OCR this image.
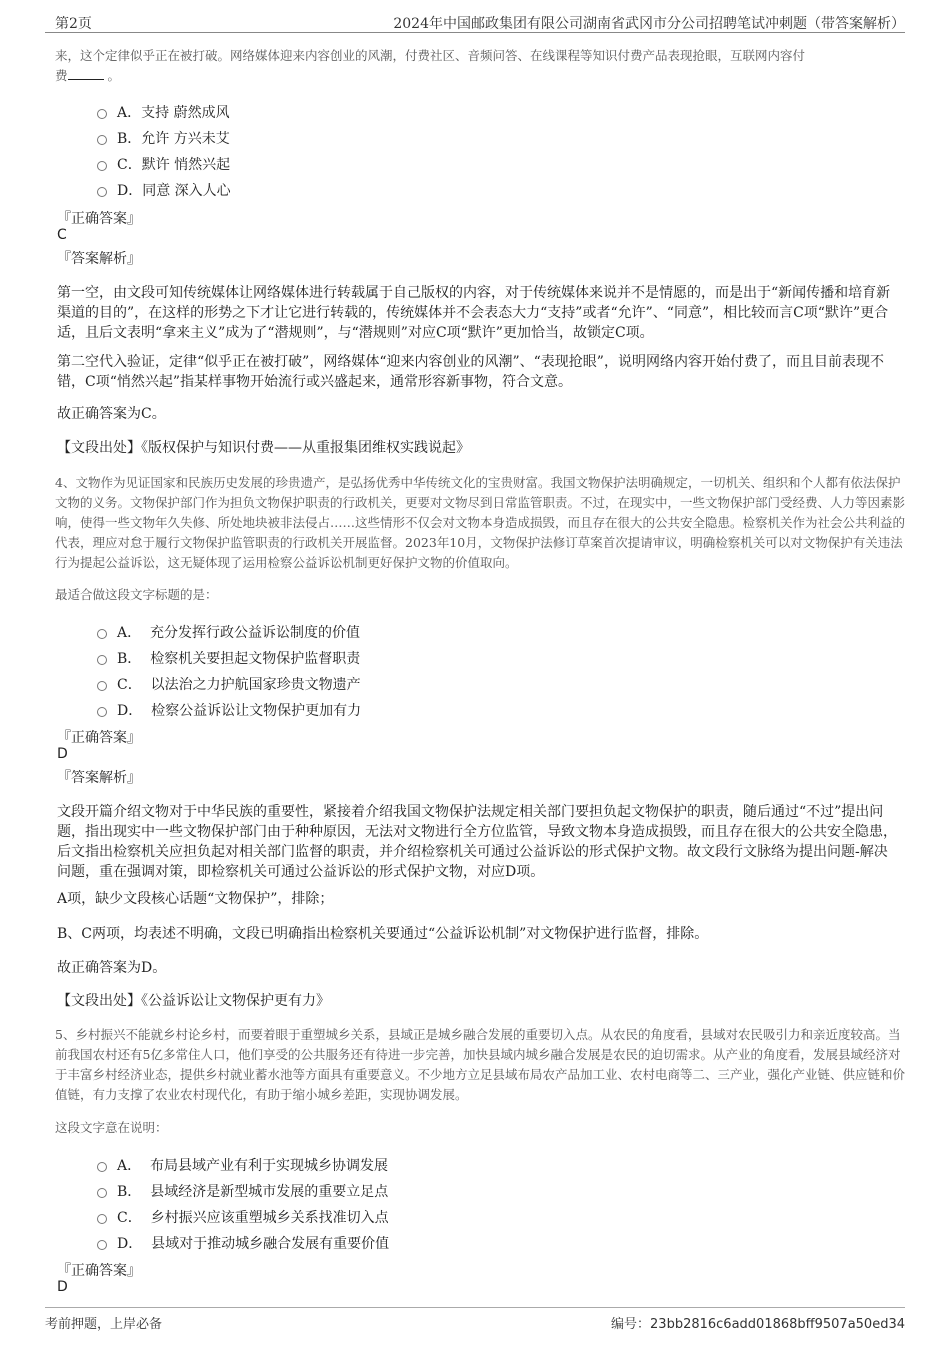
第2页	2024年中国邮政集团有限公司湖南省武冈市分公司招聘笔试冲刺题（带答案解析）
来，这个定律似乎正在被打破。网络媒体迎来内容创业的风潮，付费社区、音频问答、在线课程等知识付费产品表现抢眼，互联网内容付
费	。
A． 支持 蔚然成风
B． 允许 方兴未艾
C． 默许 悄然兴起
D． 同意 深入人心
『正确答案』
C
『答案解析』
第一空，由文段可知传统媒体让网络媒体进行转载属于自己版权的内容，对于传统媒体来说并不是情愿的，而是出于“新闻传播和培育新渠道的目的”，在这样的形势之下才让它进行转载的，传统媒体并不会表态大力“支持”或者“允许”、“同意”，相比较而言C项“默许”更合适，且后文表明“拿来主义”成为了“潜规则”，与“潜规则”对应C项“默许”更加恰当，故锁定C项。
第二空代入验证，定律“似乎正在被打破”，网络媒体“迎来内容创业的风潮”、“表现抢眼”，说明网络内容开始付费了，而且目前表现不错，C项“悄然兴起”指某样事物开始流行或兴盛起来，通常形容新事物，符合文意。
故正确答案为C。
【文段出处】《版权保护与知识付费——从重报集团维权实践说起》
4、文物作为见证国家和民族历史发展的珍贵遗产，是弘扬优秀中华传统文化的宝贵财富。我国文物保护法明确规定，一切机关、组织和个人都有依法保护文物的义务。文物保护部门作为担负文物保护职责的行政机关，更要对文物尽到日常监管职责。不过，在现实中，一些文物保护部门受经费、人力等因素影响，使得一些文物年久失修、所处地块被非法侵占……这些情形不仅会对文物本身造成损毁，而且存在很大的公共安全隐患。检察机关作为社会公共利益的代表，理应对怠于履行文物保护监管职责的行政机关开展监督。2023年10月，文物保护法修订草案首次提请审议，明确检察机关可以对文物保护有关违法行为提起公益诉讼，这无疑体现了运用检察公益诉讼机制更好保护文物的价值取向。
最适合做这段文字标题的是：
A．
充分发挥行政公益诉讼制度的价值
B．
检察机关要担起文物保护监督职责
C．
以法治之力护航国家珍贵文物遗产
D．
检察公益诉讼让文物保护更加有力
『正确答案』
D
『答案解析』
文段开篇介绍文物对于中华民族的重要性，紧接着介绍我国文物保护法规定相关部门要担负起文物保护的职责，随后通过“不过”提出问题，指出现实中一些文物保护部门由于种种原因，无法对文物进行全方位监管，导致文物本身造成损毁，而且存在很大的公共安全隐患，后文指出检察机关应担负起对相关部门监督的职责，并介绍检察机关可通过公益诉讼的形式保护文物。故文段行文脉络为提出问题-解决问题，重在强调对策，即检察机关可通过公益诉讼的形式保护文物，对应D项。
A项，缺少文段核心话题“文物保护”，排除；
B、C两项，均表述不明确，文段已明确指出检察机关要通过“公益诉讼机制”对文物保护进行监督，排除。
故正确答案为D。
【文段出处】《公益诉讼让文物保护更有力》
5、乡村振兴不能就乡村论乡村，而要着眼于重塑城乡关系，县域正是城乡融合发展的重要切入点。从农民的角度看，县域对农民吸引力和亲近度较高。当前我国农村还有5亿多常住人口，他们享受的公共服务还有待进一步完善，加快县域内城乡融合发展是农民的迫切需求。从产业的角度看，发展县域经济对于丰富乡村经济业态，提供乡村就业蓄水池等方面具有重要意义。不少地方立足县域布局农产品加工业、农村电商等二、三产业，强化产业链、供应链和价值链，有力支撑了农业农村现代化，有助于缩小城乡差距，实现协调发展。
这段文字意在说明：
A．
布局县域产业有利于实现城乡协调发展
B．
县域经济是新型城市发展的重要立足点
C．
乡村振兴应该重塑城乡关系找准切入点
D．
县域对于推动城乡融合发展有重要价值
『正确答案』
D
考前押题，上岸必备	编号：23bb2816c6add01868bff9507a50ed34
